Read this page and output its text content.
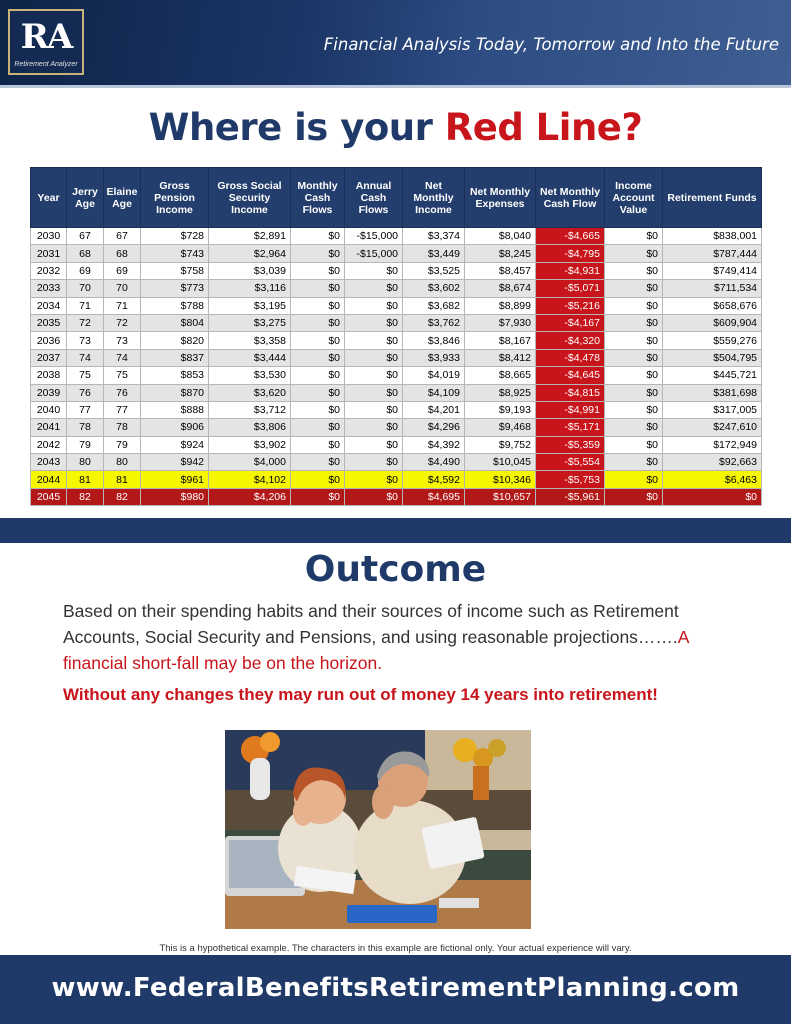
RA
Retirement Analyzer
Financial Analysis Today, Tomorrow and Into the Future
Where is your Red Line?
Year	Jerry Age	Elaine Age	Gross Pension Income	Gross Social Security Income	Monthly Cash Flows	Annual Cash Flows	Net Monthly Income	Net Monthly Expenses	Net Monthly Cash Flow	Income Account Value	Retirement Funds
2030	67	67	$728	$2,891	$0	-$15,000	$3,374	$8,040	-$4,665	$0	$838,001
2031	68	68	$743	$2,964	$0	-$15,000	$3,449	$8,245	-$4,795	$0	$787,444
2032	69	69	$758	$3,039	$0	$0	$3,525	$8,457	-$4,931	$0	$749,414
2033	70	70	$773	$3,116	$0	$0	$3,602	$8,674	-$5,071	$0	$711,534
2034	71	71	$788	$3,195	$0	$0	$3,682	$8,899	-$5,216	$0	$658,676
2035	72	72	$804	$3,275	$0	$0	$3,762	$7,930	-$4,167	$0	$609,904
2036	73	73	$820	$3,358	$0	$0	$3,846	$8,167	-$4,320	$0	$559,276
2037	74	74	$837	$3,444	$0	$0	$3,933	$8,412	-$4,478	$0	$504,795
2038	75	75	$853	$3,530	$0	$0	$4,019	$8,665	-$4,645	$0	$445,721
2039	76	76	$870	$3,620	$0	$0	$4,109	$8,925	-$4,815	$0	$381,698
2040	77	77	$888	$3,712	$0	$0	$4,201	$9,193	-$4,991	$0	$317,005
2041	78	78	$906	$3,806	$0	$0	$4,296	$9,468	-$5,171	$0	$247,610
2042	79	79	$924	$3,902	$0	$0	$4,392	$9,752	-$5,359	$0	$172,949
2043	80	80	$942	$4,000	$0	$0	$4,490	$10,045	-$5,554	$0	$92,663
2044	81	81	$961	$4,102	$0	$0	$4,592	$10,346	-$5,753	$0	$6,463
2045	82	82	$980	$4,206	$0	$0	$4,695	$10,657	-$5,961	$0	$0
Outcome
Based on their spending habits and their sources of income such as Retirement Accounts, Social Security and Pensions, and using reasonable projections…….A financial short-fall may be on the horizon.
Without any changes they may run out of money 14 years into retirement!
This is a hypothetical example. The characters in this example are fictional only. Your actual experience will vary.
www.FederalBenefitsRetirementPlanning.com
